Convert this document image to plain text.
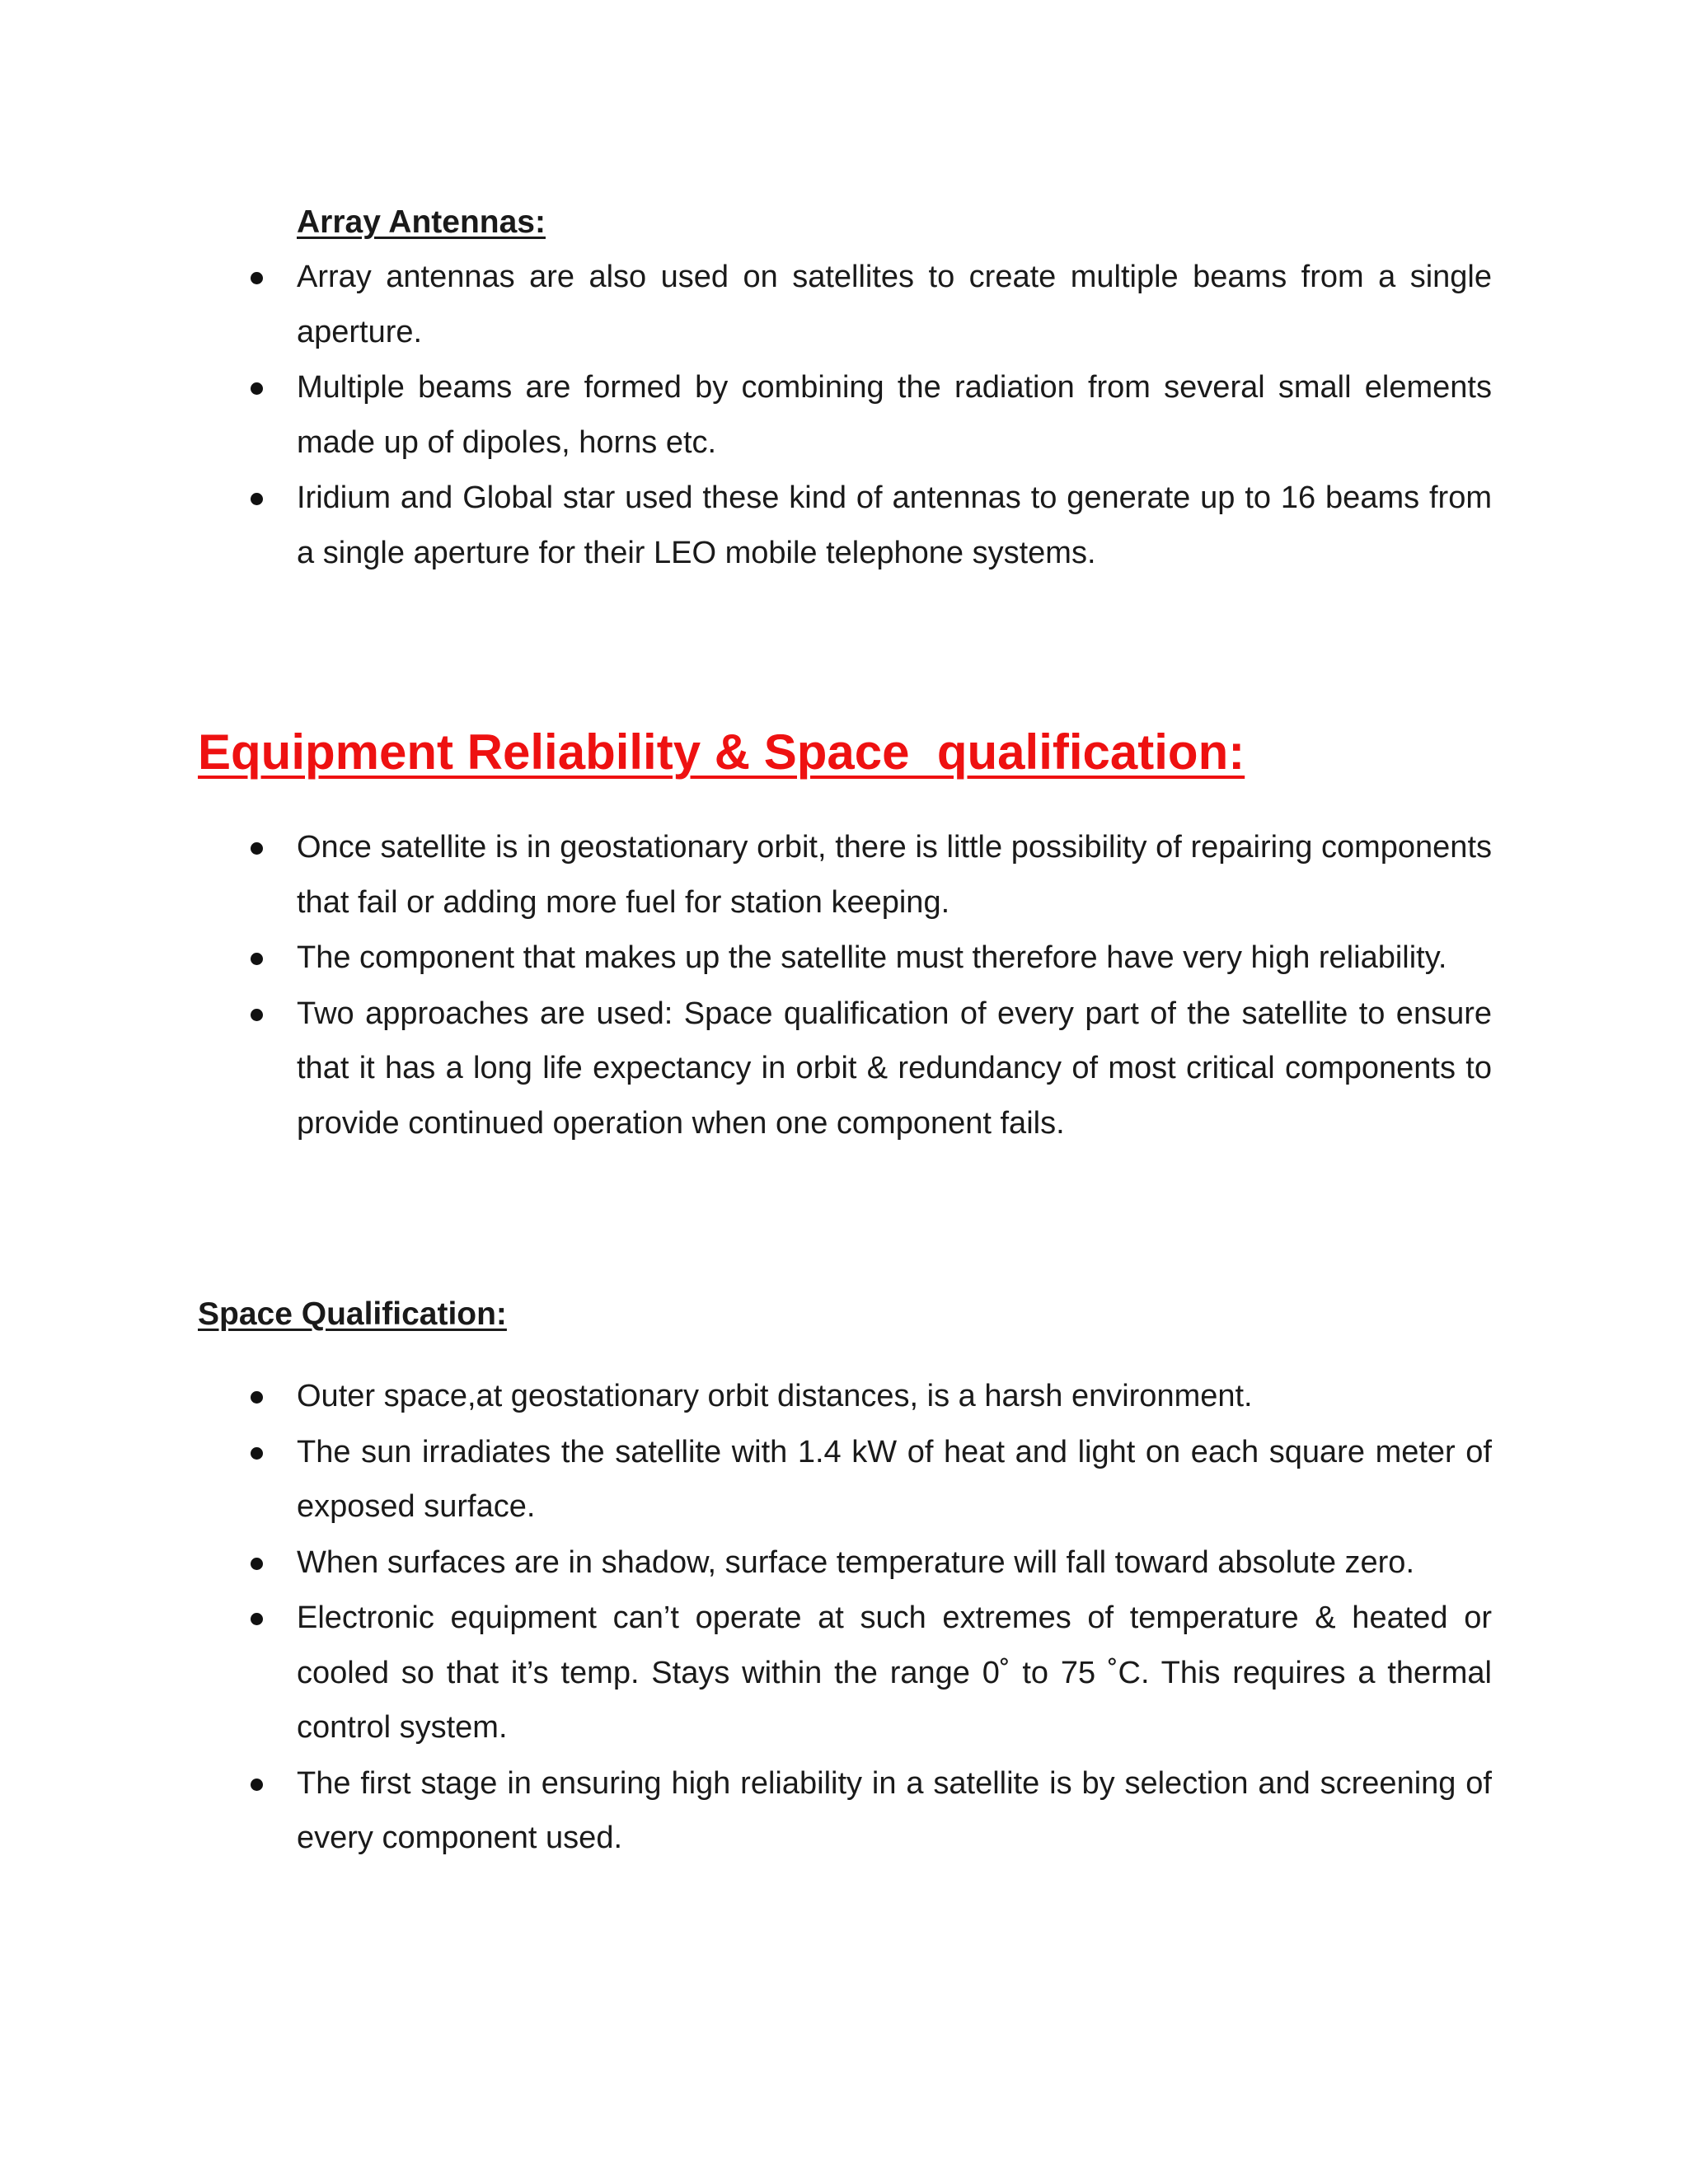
Array Antennas:
Array antennas are also used on satellites to create multiple beams from a single aperture.
Multiple beams are formed by combining the radiation from several small elements made up of dipoles, horns etc.
Iridium and Global star used these kind of antennas to generate up to 16 beams from a single aperture for their LEO mobile telephone systems.
Equipment Reliability & Space  qualification:
Once satellite is in geostationary orbit, there is little possibility of repairing components that fail or adding more fuel for station keeping.
The component that makes up the satellite must therefore have very high reliability.
Two approaches are used: Space qualification of every part of the satellite to ensure that it has a long life expectancy in orbit & redundancy of most critical components to provide continued operation when one component fails.
Space Qualification:
Outer space,at geostationary orbit distances, is a harsh environment.
The sun irradiates the satellite with 1.4 kW of heat and light on each square meter of exposed surface.
When surfaces are in shadow, surface temperature will fall toward absolute zero.
Electronic equipment can’t operate at such extremes of temperature & heated or cooled so that it’s temp. Stays within the range 0˚ to 75 ˚C. This requires a thermal control system.
The first stage in ensuring high reliability in a satellite is by selection and screening of every component used.
